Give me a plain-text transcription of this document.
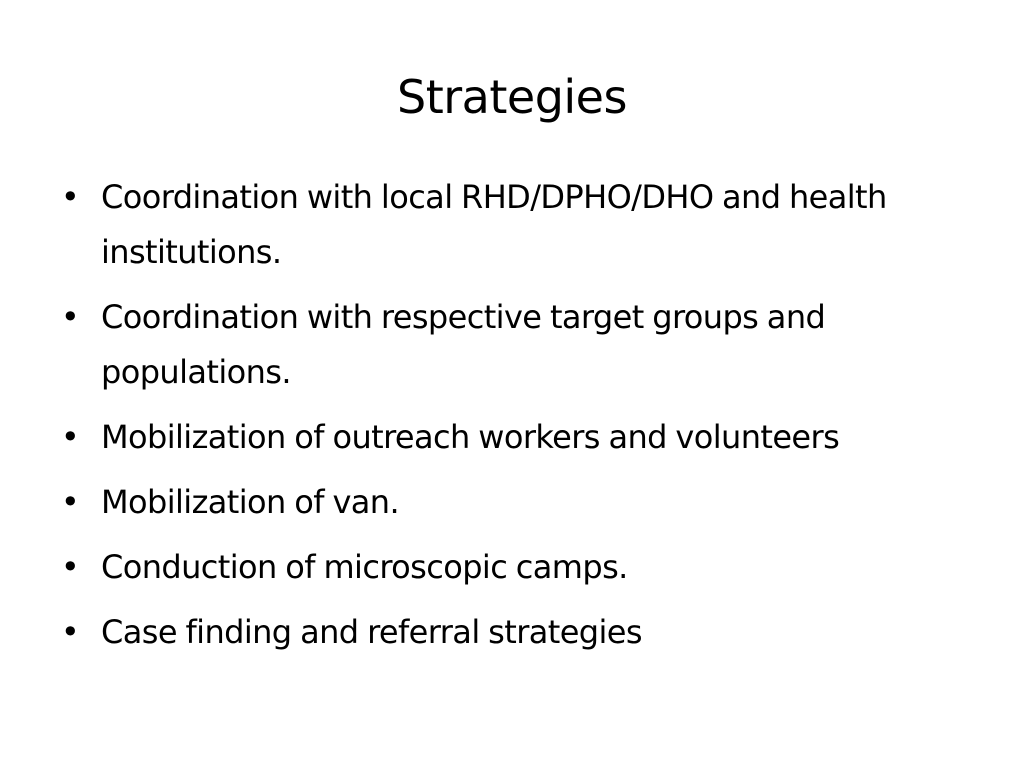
Strategies
• Coordination with local RHD/DPHO/DHO and health institutions.
• Coordination with respective target groups and populations.
• Mobilization of outreach workers and volunteers
• Mobilization of van.
• Conduction of microscopic camps.
• Case finding and referral strategies
